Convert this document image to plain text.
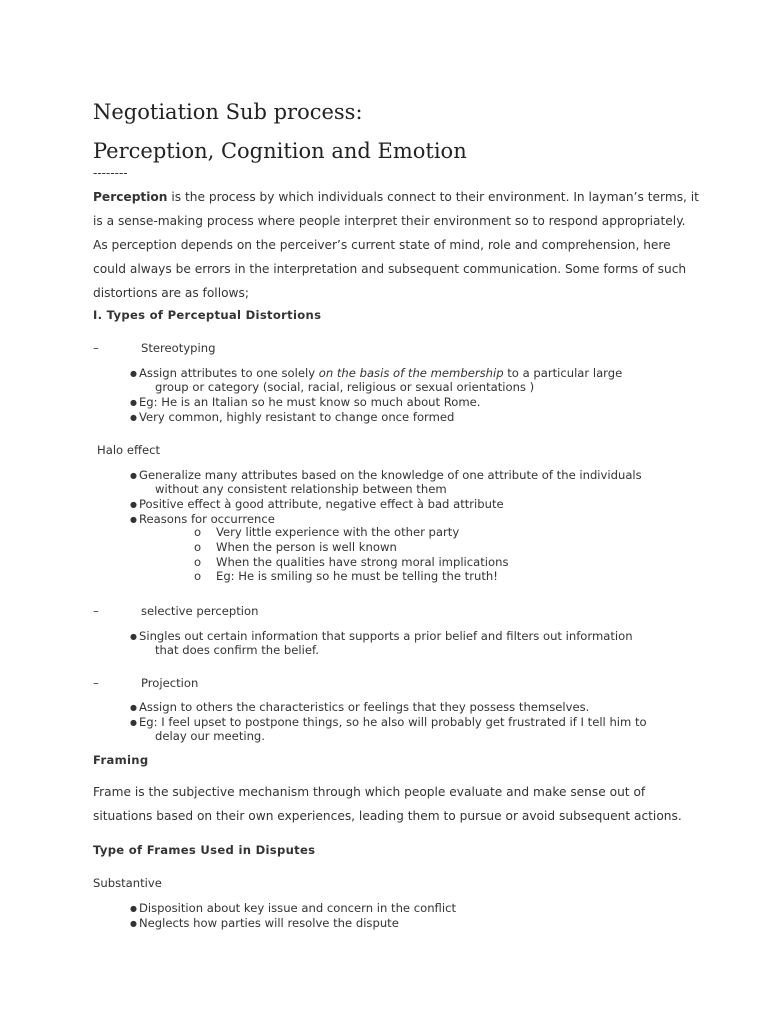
Negotiation Sub process:
Perception, Cognition and Emotion
--------
Perception is the process by which individuals connect to their environment. In layman’s terms, it
is a sense-making process where people interpret their environment so to respond appropriately.
As perception depends on the perceiver’s current state of mind, role and comprehension, here
could always be errors in the interpretation and subsequent communication. Some forms of such
distortions are as follows;
I. Types of Perceptual Distortions
–	Stereotyping
● Assign attributes to one solely on the basis of the membership to a particular large
group or category (social, racial, religious or sexual orientations )
● Eg: He is an Italian so he must know so much about Rome.
● Very common, highly resistant to change once formed
Halo effect
● Generalize many attributes based on the knowledge of one attribute of the individuals
without any consistent relationship between them
● Positive effect à good attribute, negative effect à bad attribute
● Reasons for occurrence
o Very little experience with the other party
o When the person is well known
o When the qualities have strong moral implications
o Eg: He is smiling so he must be telling the truth!
–	selective perception
● Singles out certain information that supports a prior belief and filters out information
that does confirm the belief.
–	Projection
● Assign to others the characteristics or feelings that they possess themselves.
● Eg: I feel upset to postpone things, so he also will probably get frustrated if I tell him to
delay our meeting.
Framing
Frame is the subjective mechanism through which people evaluate and make sense out of
situations based on their own experiences, leading them to pursue or avoid subsequent actions.
Type of Frames Used in Disputes
Substantive
● Disposition about key issue and concern in the conflict
● Neglects how parties will resolve the dispute
